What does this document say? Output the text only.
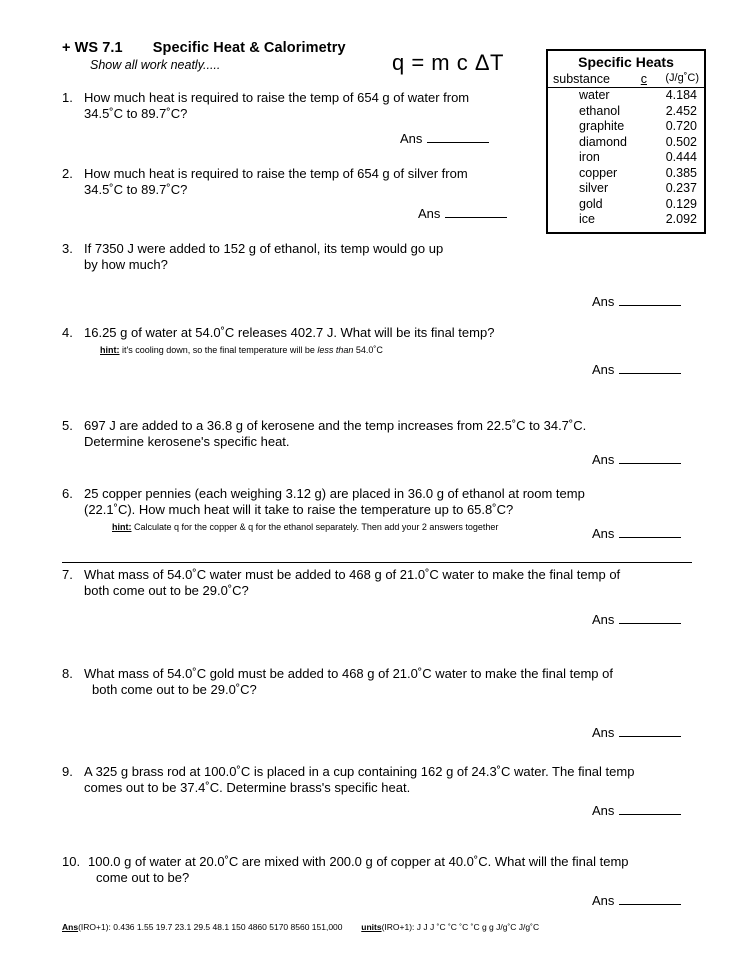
+ WS 7.1 Specific Heat & Calorimetry
Show all work neatly.....	q = m c ΔT	Specific Heats
substance	c	(J/g˚C)
water	4.184
ethanol	2.452
graphite	0.720
diamond	0.502
iron	0.444
copper	0.385
silver	0.237
gold	0.129
ice	2.092
1. How much heat is required to raise the temp of 654 g of water from
34.5˚C to 89.7˚C?
Ans
2. How much heat is required to raise the temp of 654 g of silver from
34.5˚C to 89.7˚C?
Ans
3. If 7350 J were added to 152 g of ethanol, its temp would go up
by how much?
Ans
4. 16.25 g of water at 54.0˚C releases 402.7 J. What will be its final temp?
hint: it's cooling down, so the final temperature will be less than 54.0˚C
Ans
5. 697 J are added to a 36.8 g of kerosene and the temp increases from 22.5˚C to 34.7˚C.
Determine kerosene's specific heat.
Ans
6. 25 copper pennies (each weighing 3.12 g) are placed in 36.0 g of ethanol at room temp
(22.1˚C). How much heat will it take to raise the temperature up to 65.8˚C?
hint: Calculate q for the copper & q for the ethanol separately. Then add your 2 answers together	Ans
7. What mass of 54.0˚C water must be added to 468 g of 21.0˚C water to make the final temp of
both come out to be 29.0˚C?
Ans
8. What mass of 54.0˚C gold must be added to 468 g of 21.0˚C water to make the final temp of
both come out to be 29.0˚C?
Ans
9. A 325 g brass rod at 100.0˚C is placed in a cup containing 162 g of 24.3˚C water. The final temp
comes out to be 37.4˚C. Determine brass's specific heat.
Ans
10. 100.0 g of water at 20.0˚C are mixed with 200.0 g of copper at 40.0˚C. What will the final temp
come out to be?
Ans
Ans(IRO+1): 0.436 1.55 19.7 23.1 29.5 48.1 150 4860 5170 8560 151,000 units(IRO+1): J J J ˚C ˚C ˚C ˚C g g J/g˚C J/g˚C
